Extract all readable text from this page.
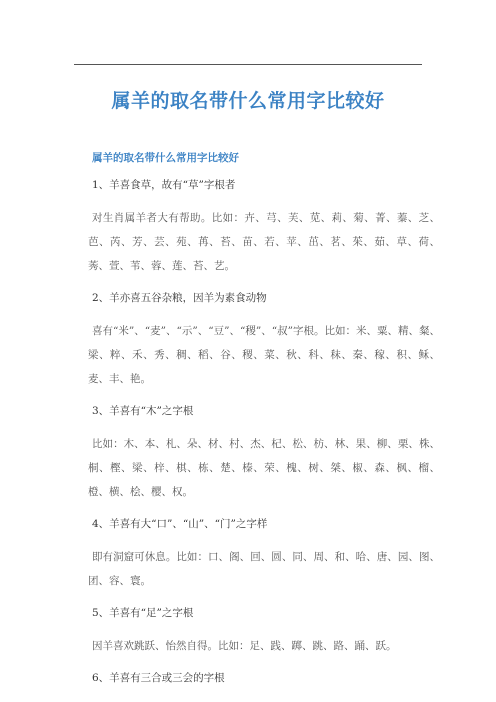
属羊的取名带什么常用字比较好
属羊的取名带什么常用字比较好
1、羊喜食草，故有“草”字根者
对生肖属羊者大有帮助。比如：卉、芎、芙、苋、莉、菊、菁、蓁、芝、芭、芮、芳、芸、苑、苒、苔、苗、若、苹、茁、茗、茱、茹、草、荷、莠、萱、苇、蓉、莲、苔、艺。
2、羊亦喜五谷杂粮，因羊为素食动物
喜有“米”、“麦”、“示”、“豆”、“稷”、“叔”字根。比如：米、粟、精、粲、梁、粹、禾、秀、稠、稻、谷、稷、菜、秋、科、秣、秦、稼、积、稣、麦、丰、艳。
3、羊喜有“木”之字根
比如：木、本、札、朵、材、村、杰、杞、松、枋、林、果、柳、栗、株、桐、樫、梁、梓、棋、栋、楚、榛、荣、槐、树、桀、椒、森、枫、榴、橙、横、桧、樱、权。
4、羊喜有大“口”、“山”、“门”之字样
即有洞窟可休息。比如：口、阁、回、圆、同、周、和、哈、唐、园、图、团、容、寰。
5、羊喜有“足”之字根
因羊喜欢跳跃、怡然自得。比如：足、践、踯、跳、路、踊、跃。
6、羊喜有三合或三会的字根
